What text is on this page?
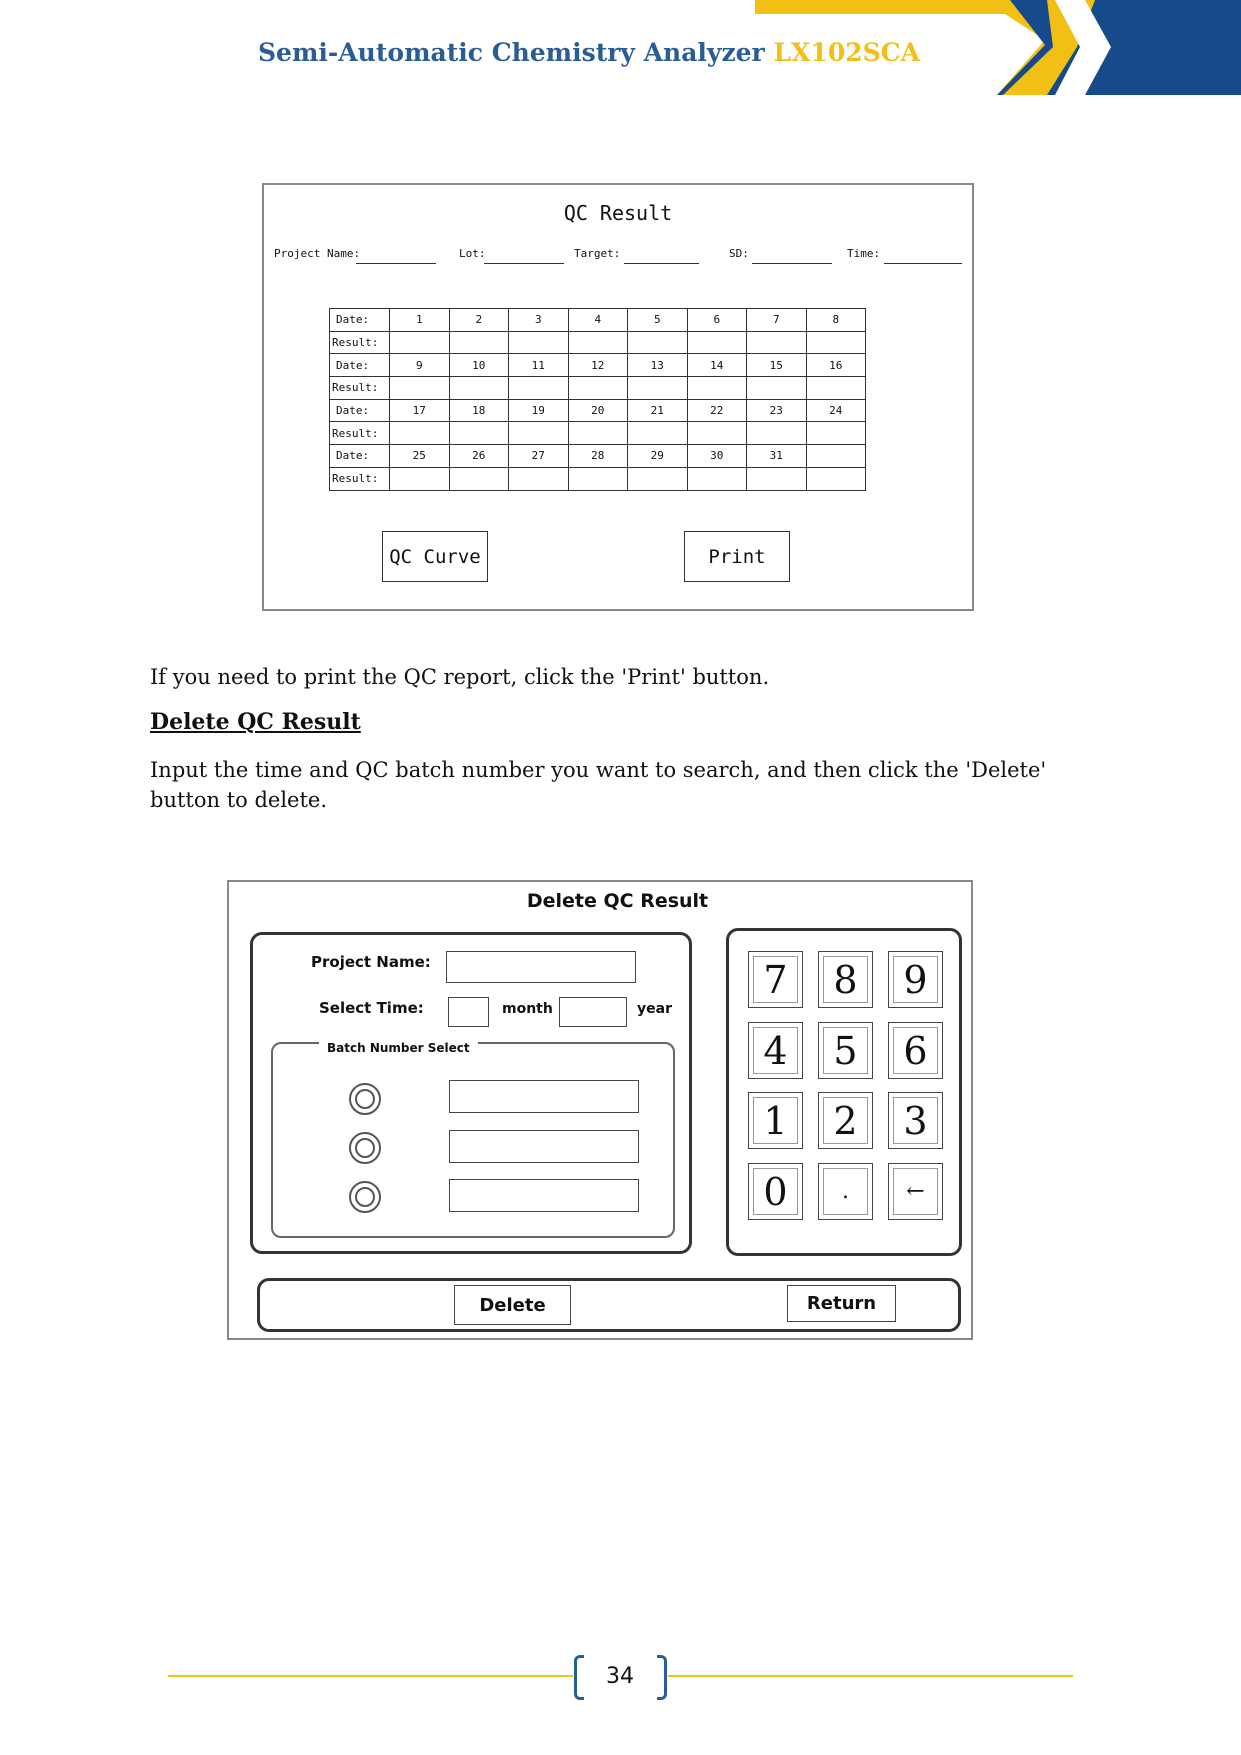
Semi-Automatic Chemistry Analyzer LX102SCA
QC Result
Project Name:	Lot:	Target:	SD:	Time:
Date:	1	2	3	4	5	6	7	8
Result:								
Date:	9	10	11	12	13	14	15	16
Result:								
Date:	17	18	19	20	21	22	23	24
Result:								
Date:	25	26	27	28	29	30	31	
Result:								
QC Curve	Print
If you need to print the QC report, click the 'Print' button.
Delete QC Result
Input the time and QC batch number you want to search, and then click the 'Delete' button to delete.
Delete QC Result
Project Name:
Select Time:	month	year
Batch Number Select
7	8	9
4	5	6
1	2	3
0	.	←
Delete	Return
34
